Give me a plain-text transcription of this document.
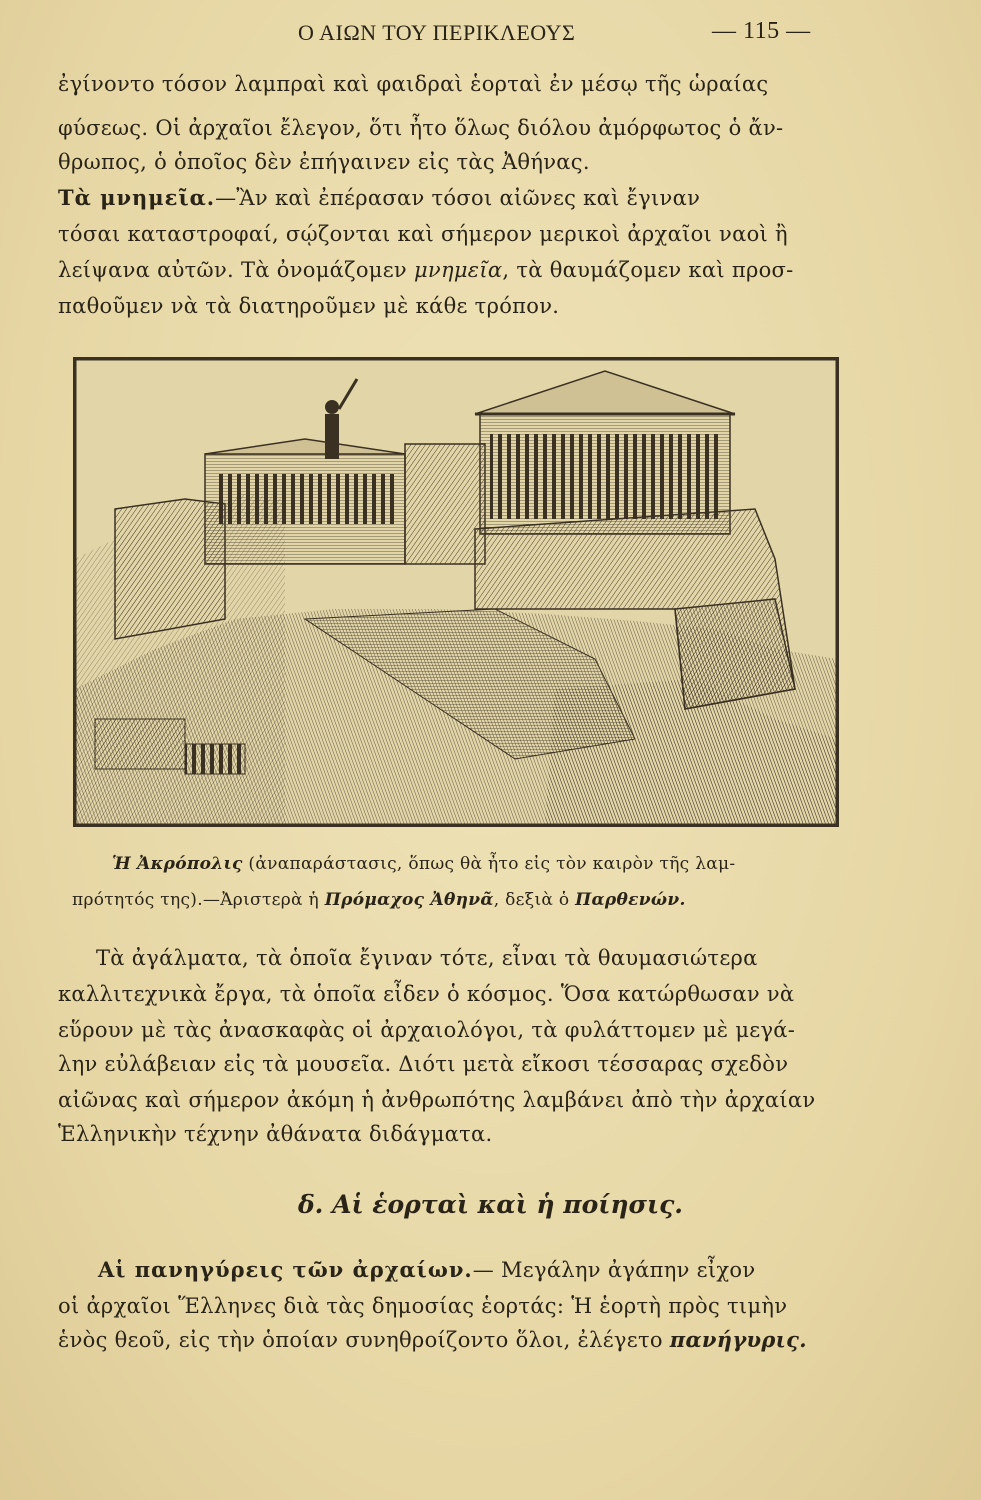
Ο ΑΙΩΝ ΤΟΥ ΠΕΡΙΚΛΕΟΥΣ	— 115 —
ἐγίνοντο τόσον λαμπραὶ καὶ φαιδραὶ ἑορταὶ ἐν μέσῳ τῆς ὡραίας
φύσεως. Οἱ ἀρχαῖοι ἔλεγον, ὅτι ἦτο ὅλως διόλου ἀμόρφωτος ὁ ἄν-
θρωπος, ὁ ὁποῖος δὲν ἐπήγαινεν εἰς τὰς Ἀθήνας.
Τὰ μνημεῖα.—Ἂν καὶ ἐπέρασαν τόσοι αἰῶνες καὶ ἔγιναν
τόσαι καταστροφαί, σῴζονται καὶ σήμερον μερικοὶ ἀρχαῖοι ναοὶ ἢ
λείψανα αὐτῶν. Τὰ ὀνομάζομεν μνημεῖα, τὰ θαυμάζομεν καὶ προσ-
παθοῦμεν νὰ τὰ διατηροῦμεν μὲ κάθε τρόπον.
Ἡ Ἀκρόπολις (ἀναπαράστασις, ὅπως θὰ ἦτο εἰς τὸν καιρὸν τῆς λαμ-
πρότητός της).—Ἀριστερὰ ἡ Πρόμαχος Ἀθηνᾶ, δεξιὰ ὁ Παρθενών.
Τὰ ἀγάλματα, τὰ ὁποῖα ἔγιναν τότε, εἶναι τὰ θαυμασιώτερα
καλλιτεχνικὰ ἔργα, τὰ ὁποῖα εἶδεν ὁ κόσμος. Ὅσα κατώρθωσαν νὰ
εὕρουν μὲ τὰς ἀνασκαφὰς οἱ ἀρχαιολόγοι, τὰ φυλάττομεν μὲ μεγά-
λην εὐλάβειαν εἰς τὰ μουσεῖα. Διότι μετὰ εἴκοσι τέσσαρας σχεδὸν
αἰῶνας καὶ σήμερον ἀκόμη ἡ ἀνθρωπότης λαμβάνει ἀπὸ τὴν ἀρχαίαν
Ἑλληνικὴν τέχνην ἀθάνατα διδάγματα.
δ. Αἱ ἑορταὶ καὶ ἡ ποίησις.
Αἱ πανηγύρεις τῶν ἀρχαίων.— Μεγάλην ἀγάπην εἶχον
οἱ ἀρχαῖοι Ἕλληνες διὰ τὰς δημοσίας ἑορτάς: Ἡ ἑορτὴ πρὸς τιμὴν
ἑνὸς θεοῦ, εἰς τὴν ὁποίαν συνηθροίζοντο ὅλοι, ἐλέγετο πανήγυρις.
